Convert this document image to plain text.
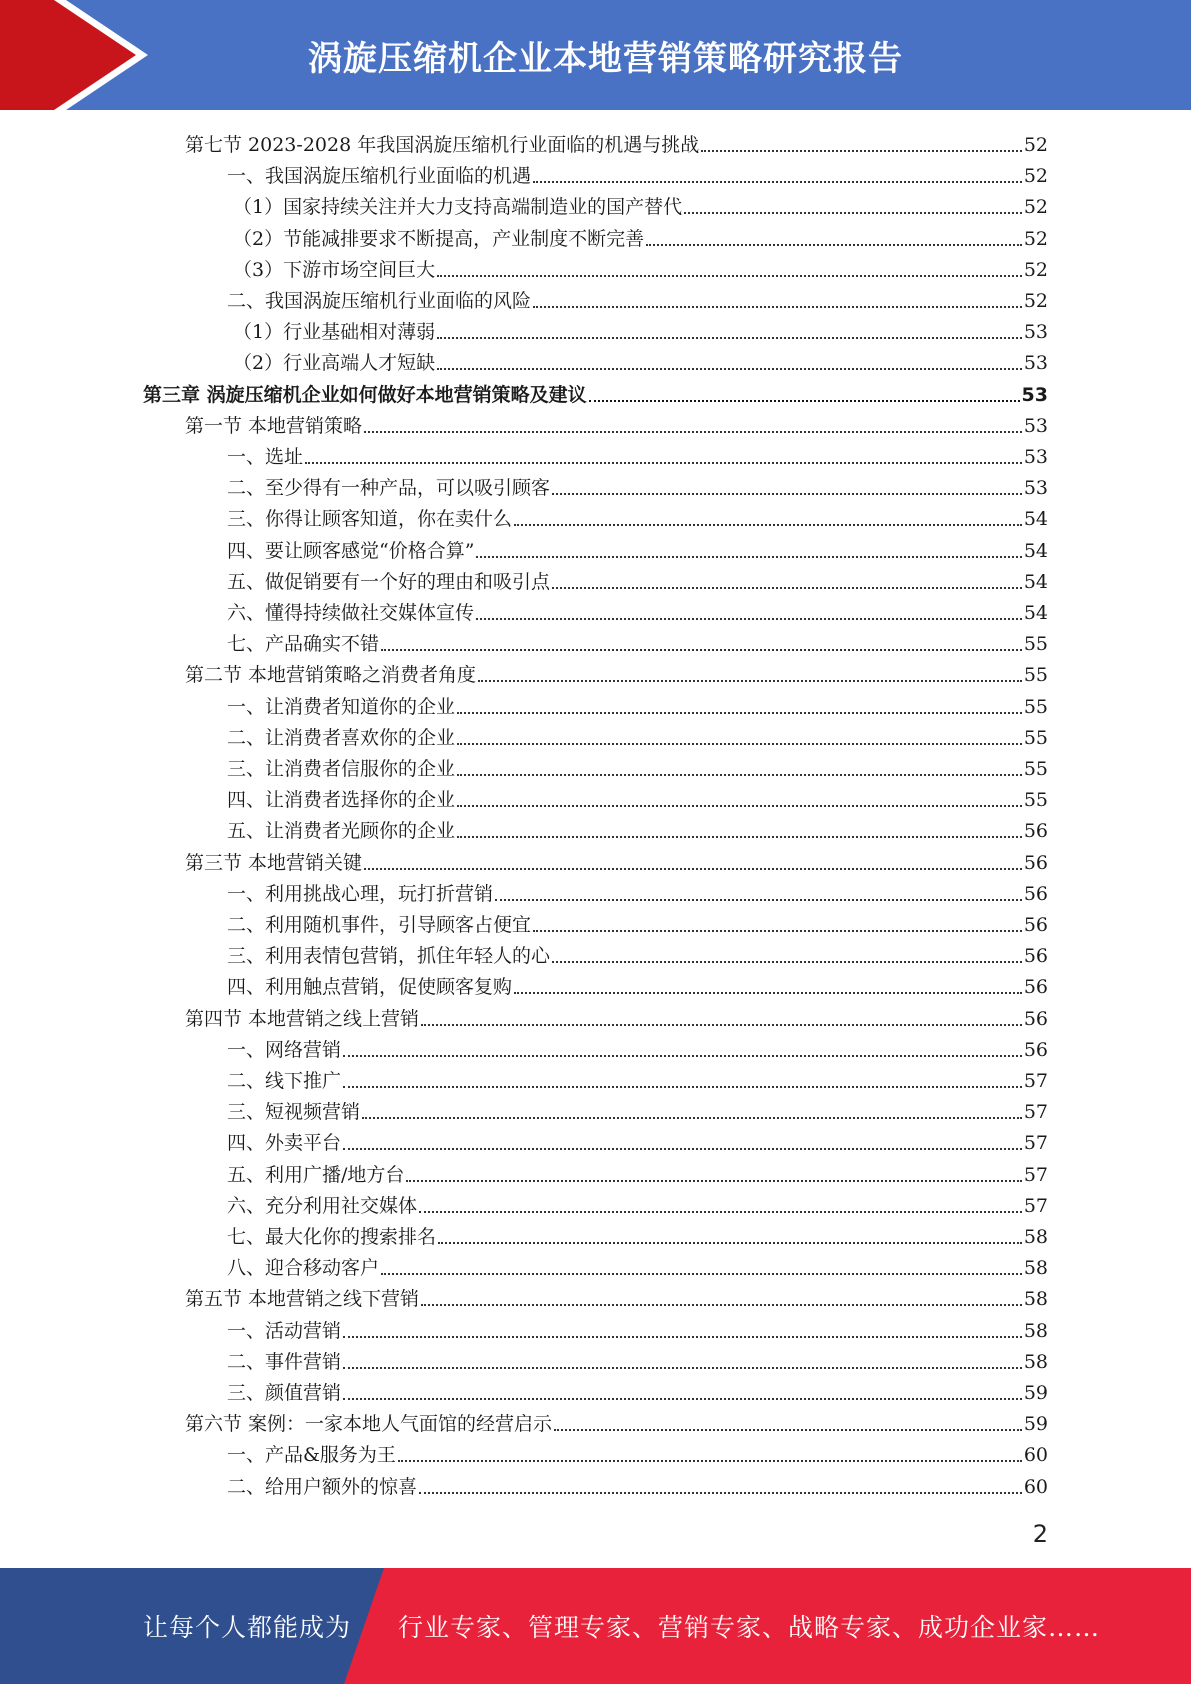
涡旋压缩机企业本地营销策略研究报告
第七节 2023-2028 年我国涡旋压缩机行业面临的机遇与挑战	52
一、我国涡旋压缩机行业面临的机遇	52
（1）国家持续关注并大力支持高端制造业的国产替代	52
（2）节能减排要求不断提高，产业制度不断完善	52
（3）下游市场空间巨大	52
二、我国涡旋压缩机行业面临的风险	52
（1）行业基础相对薄弱	53
（2）行业高端人才短缺	53
第三章 涡旋压缩机企业如何做好本地营销策略及建议	53
第一节 本地营销策略	53
一、选址	53
二、至少得有一种产品，可以吸引顾客	53
三、你得让顾客知道，你在卖什么	54
四、要让顾客感觉“价格合算”	54
五、做促销要有一个好的理由和吸引点	54
六、懂得持续做社交媒体宣传	54
七、产品确实不错	55
第二节 本地营销策略之消费者角度	55
一、让消费者知道你的企业	55
二、让消费者喜欢你的企业	55
三、让消费者信服你的企业	55
四、让消费者选择你的企业	55
五、让消费者光顾你的企业	56
第三节 本地营销关键	56
一、利用挑战心理，玩打折营销	56
二、利用随机事件，引导顾客占便宜	56
三、利用表情包营销，抓住年轻人的心	56
四、利用触点营销，促使顾客复购	56
第四节 本地营销之线上营销	56
一、网络营销	56
二、线下推广	57
三、短视频营销	57
四、外卖平台	57
五、利用广播/地方台	57
六、充分利用社交媒体	57
七、最大化你的搜索排名	58
八、迎合移动客户	58
第五节 本地营销之线下营销	58
一、活动营销	58
二、事件营销	58
三、颜值营销	59
第六节 案例：一家本地人气面馆的经营启示	59
一、产品&服务为王	60
二、给用户额外的惊喜	60
2
让每个人都能成为 行业专家、管理专家、营销专家、战略专家、成功企业家……
